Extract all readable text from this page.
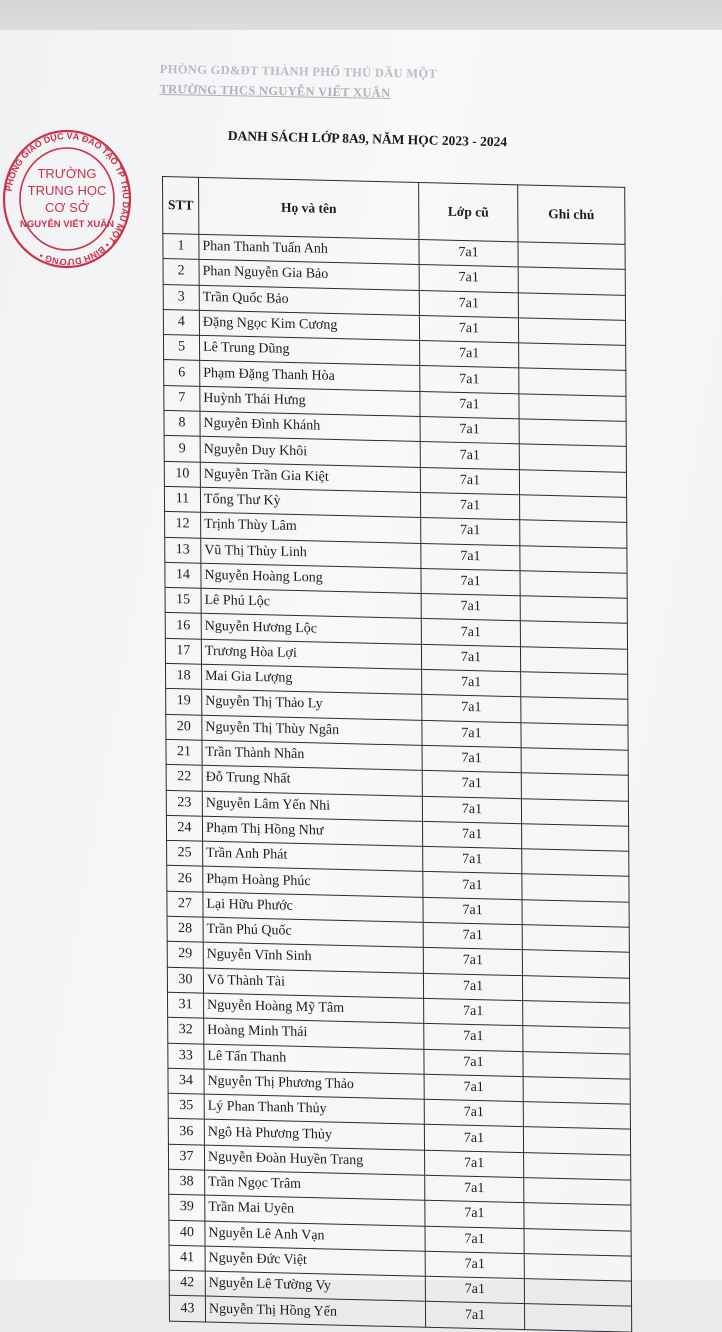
PHÒNG GD&ĐT THÀNH PHỐ THỦ DẦU MỘT
TRƯỜNG THCS NGUYỄN VIẾT XUÂN
DANH SÁCH LỚP 8A9, NĂM HỌC 2023 - 2024
PHÒNG GIÁO DỤC VÀ ĐÀO TẠO TP THỦ DẦU MỘT • BÌNH DƯƠNG •
TRƯỜNG
TRUNG HỌC
CƠ SỞ
NGUYỄN VIẾT XUÂN
STT	Họ và tên	Lớp cũ	Ghi chú
1	Phan Thanh Tuấn Anh	7a1	
2	Phan Nguyễn Gia Bảo	7a1	
3	Trần Quốc Bảo	7a1	
4	Đặng Ngọc Kim Cương	7a1	
5	Lê Trung Dũng	7a1	
6	Phạm Đặng Thanh Hòa	7a1	
7	Huỳnh Thái Hưng	7a1	
8	Nguyễn Đình Khánh	7a1	
9	Nguyễn Duy Khôi	7a1	
10	Nguyễn Trần Gia Kiệt	7a1	
11	Tống Thư Kỳ	7a1	
12	Trịnh Thùy Lâm	7a1	
13	Vũ Thị Thùy Linh	7a1	
14	Nguyễn Hoàng Long	7a1	
15	Lê Phú Lộc	7a1	
16	Nguyễn Hương Lộc	7a1	
17	Trương Hòa Lợi	7a1	
18	Mai Gia Lượng	7a1	
19	Nguyễn Thị Thảo Ly	7a1	
20	Nguyễn Thị Thùy Ngân	7a1	
21	Trần Thành Nhân	7a1	
22	Đỗ Trung Nhất	7a1	
23	Nguyễn Lâm Yến Nhi	7a1	
24	Phạm Thị Hồng Như	7a1	
25	Trần Anh Phát	7a1	
26	Phạm Hoàng Phúc	7a1	
27	Lại Hữu Phước	7a1	
28	Trần Phú Quốc	7a1	
29	Nguyễn Vĩnh Sinh	7a1	
30	Võ Thành Tài	7a1	
31	Nguyễn Hoàng Mỹ Tâm	7a1	
32	Hoàng Minh Thái	7a1	
33	Lê Tấn Thanh	7a1	
34	Nguyễn Thị Phương Thảo	7a1	
35	Lý Phan Thanh Thủy	7a1	
36	Ngô Hà Phương Thủy	7a1	
37	Nguyễn Đoàn Huyền Trang	7a1	
38	Trần Ngọc Trâm	7a1	
39	Trần Mai Uyên	7a1	
40	Nguyễn Lê Anh Vạn	7a1	
41	Nguyễn Đức Việt	7a1	
42	Nguyễn Lê Tường Vy	7a1	
43	Nguyễn Thị Hồng Yến	7a1	
